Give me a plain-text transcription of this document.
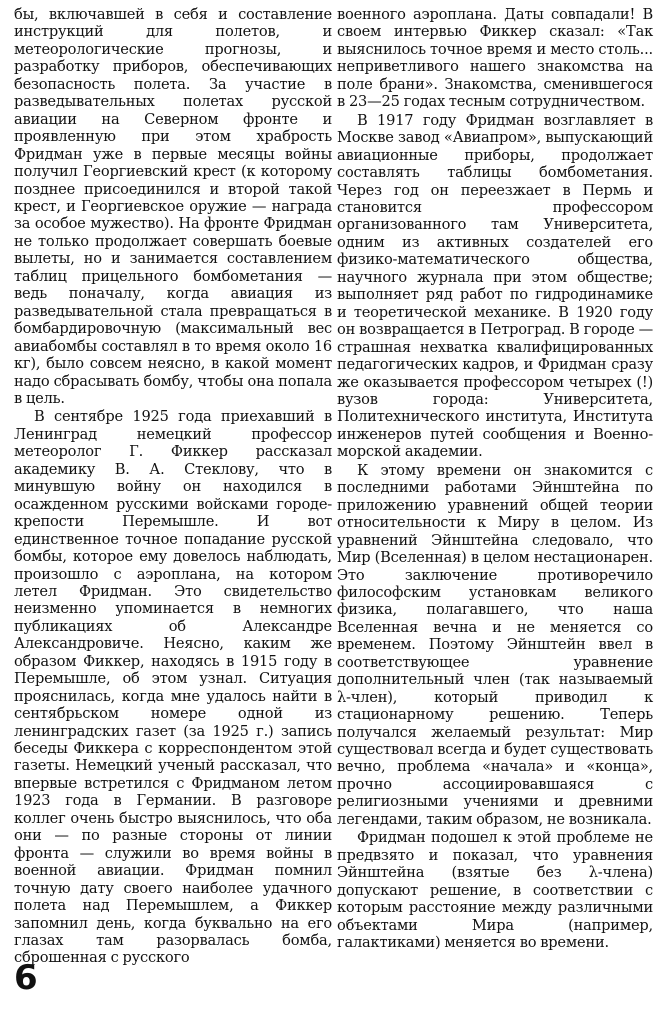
бы, включавшей в себя и составление инструкций для полетов, и метеорологические прогнозы, и разработку приборов, обеспечивающих безопасность полета. За участие в разведывательных полетах русской авиации на Северном фронте и проявленную при этом храбрость Фридман уже в первые месяцы войны получил Георгиевский крест (к которому позднее присоединился и второй такой крест, и Георгиевское оружие — награда за особое мужество). На фронте Фридман не только продолжает совершать боевые вылеты, но и занимается составлением таблиц прицельного бомбометания — ведь поначалу, когда авиация из разведывательной стала превращаться в бомбардировочную (максимальный вес авиабомбы составлял в то время около 16 кг), было совсем неясно, в какой момент надо сбрасывать бомбу, чтобы она попала в цель.

В сентябре 1925 года приехавший в Ленинград немецкий профессор метеоролог Г. Фиккер рассказал академику В. А. Стеклову, что в минувшую войну он находился в осажденном русскими войсками городе-крепости Перемышле. И вот единственное точное попадание русской бомбы, которое ему довелось наблюдать, произошло с аэроплана, на котором летел Фридман. Это свидетельство неизменно упоминается в немногих публикациях об Александре Александровиче. Неясно, каким же образом Фиккер, находясь в 1915 году в Перемышле, об этом узнал. Ситуация прояснилась, когда мне удалось найти в сентябрьском номере одной из ленинградских газет (за 1925 г.) запись беседы Фиккера с корреспондентом этой газеты. Немецкий ученый рассказал, что впервые встретился с Фридманом летом 1923 года в Германии. В разговоре коллег очень быстро выяснилось, что оба они — по разные стороны от линии фронта — служили во время войны в военной авиации. Фридман помнил точную дату своего наиболее удачного полета над Перемышлем, а Фиккер запомнил день, когда буквально на его глазах там разорвалась бомба, сброшенная с русского

военного аэроплана. Даты совпадали! В своем интервью Фиккер сказал: «Так выяснилось точное время и место столь... неприветливого нашего знакомства на поле брани». Знакомства, сменившегося в 23—25 годах тесным сотрудничеством.

В 1917 году Фридман возглавляет в Москве завод «Авиапром», выпускающий авиационные приборы, продолжает составлять таблицы бомбометания. Через год он переезжает в Пермь и становится профессором организованного там Университета, одним из активных создателей его физико-математического общества, научного журнала при этом обществе; выполняет ряд работ по гидродинамике и теоретической механике. В 1920 году он возвращается в Петроград. В городе — страшная нехватка квалифицированных педагогических кадров, и Фридман сразу же оказывается профессором четырех (!) вузов города: Университета, Политехнического института, Института инженеров путей сообщения и Военно-морской академии.

К этому времени он знакомится с последними работами Эйнштейна по приложению уравнений общей теории относительности к Миру в целом. Из уравнений Эйнштейна следовало, что Мир (Вселенная) в целом нестационарен. Это заключение противоречило философским установкам великого физика, полагавшего, что наша Вселенная вечна и не меняется со временем. Поэтому Эйнштейн ввел в соответствующее уравнение дополнительный член (так называемый λ-член), который приводил к стационарному решению. Теперь получался желаемый результат: Мир существовал всегда и будет существовать вечно, проблема «начала» и «конца», прочно ассоциировавшаяся с религиозными учениями и древними легендами, таким образом, не возникала.

Фридман подошел к этой проблеме не предвзято и показал, что уравнения Эйнштейна (взятые без λ-члена) допускают решение, в соответствии с которым расстояние между различными объектами Мира (например, галактиками) меняется во времени.

6
